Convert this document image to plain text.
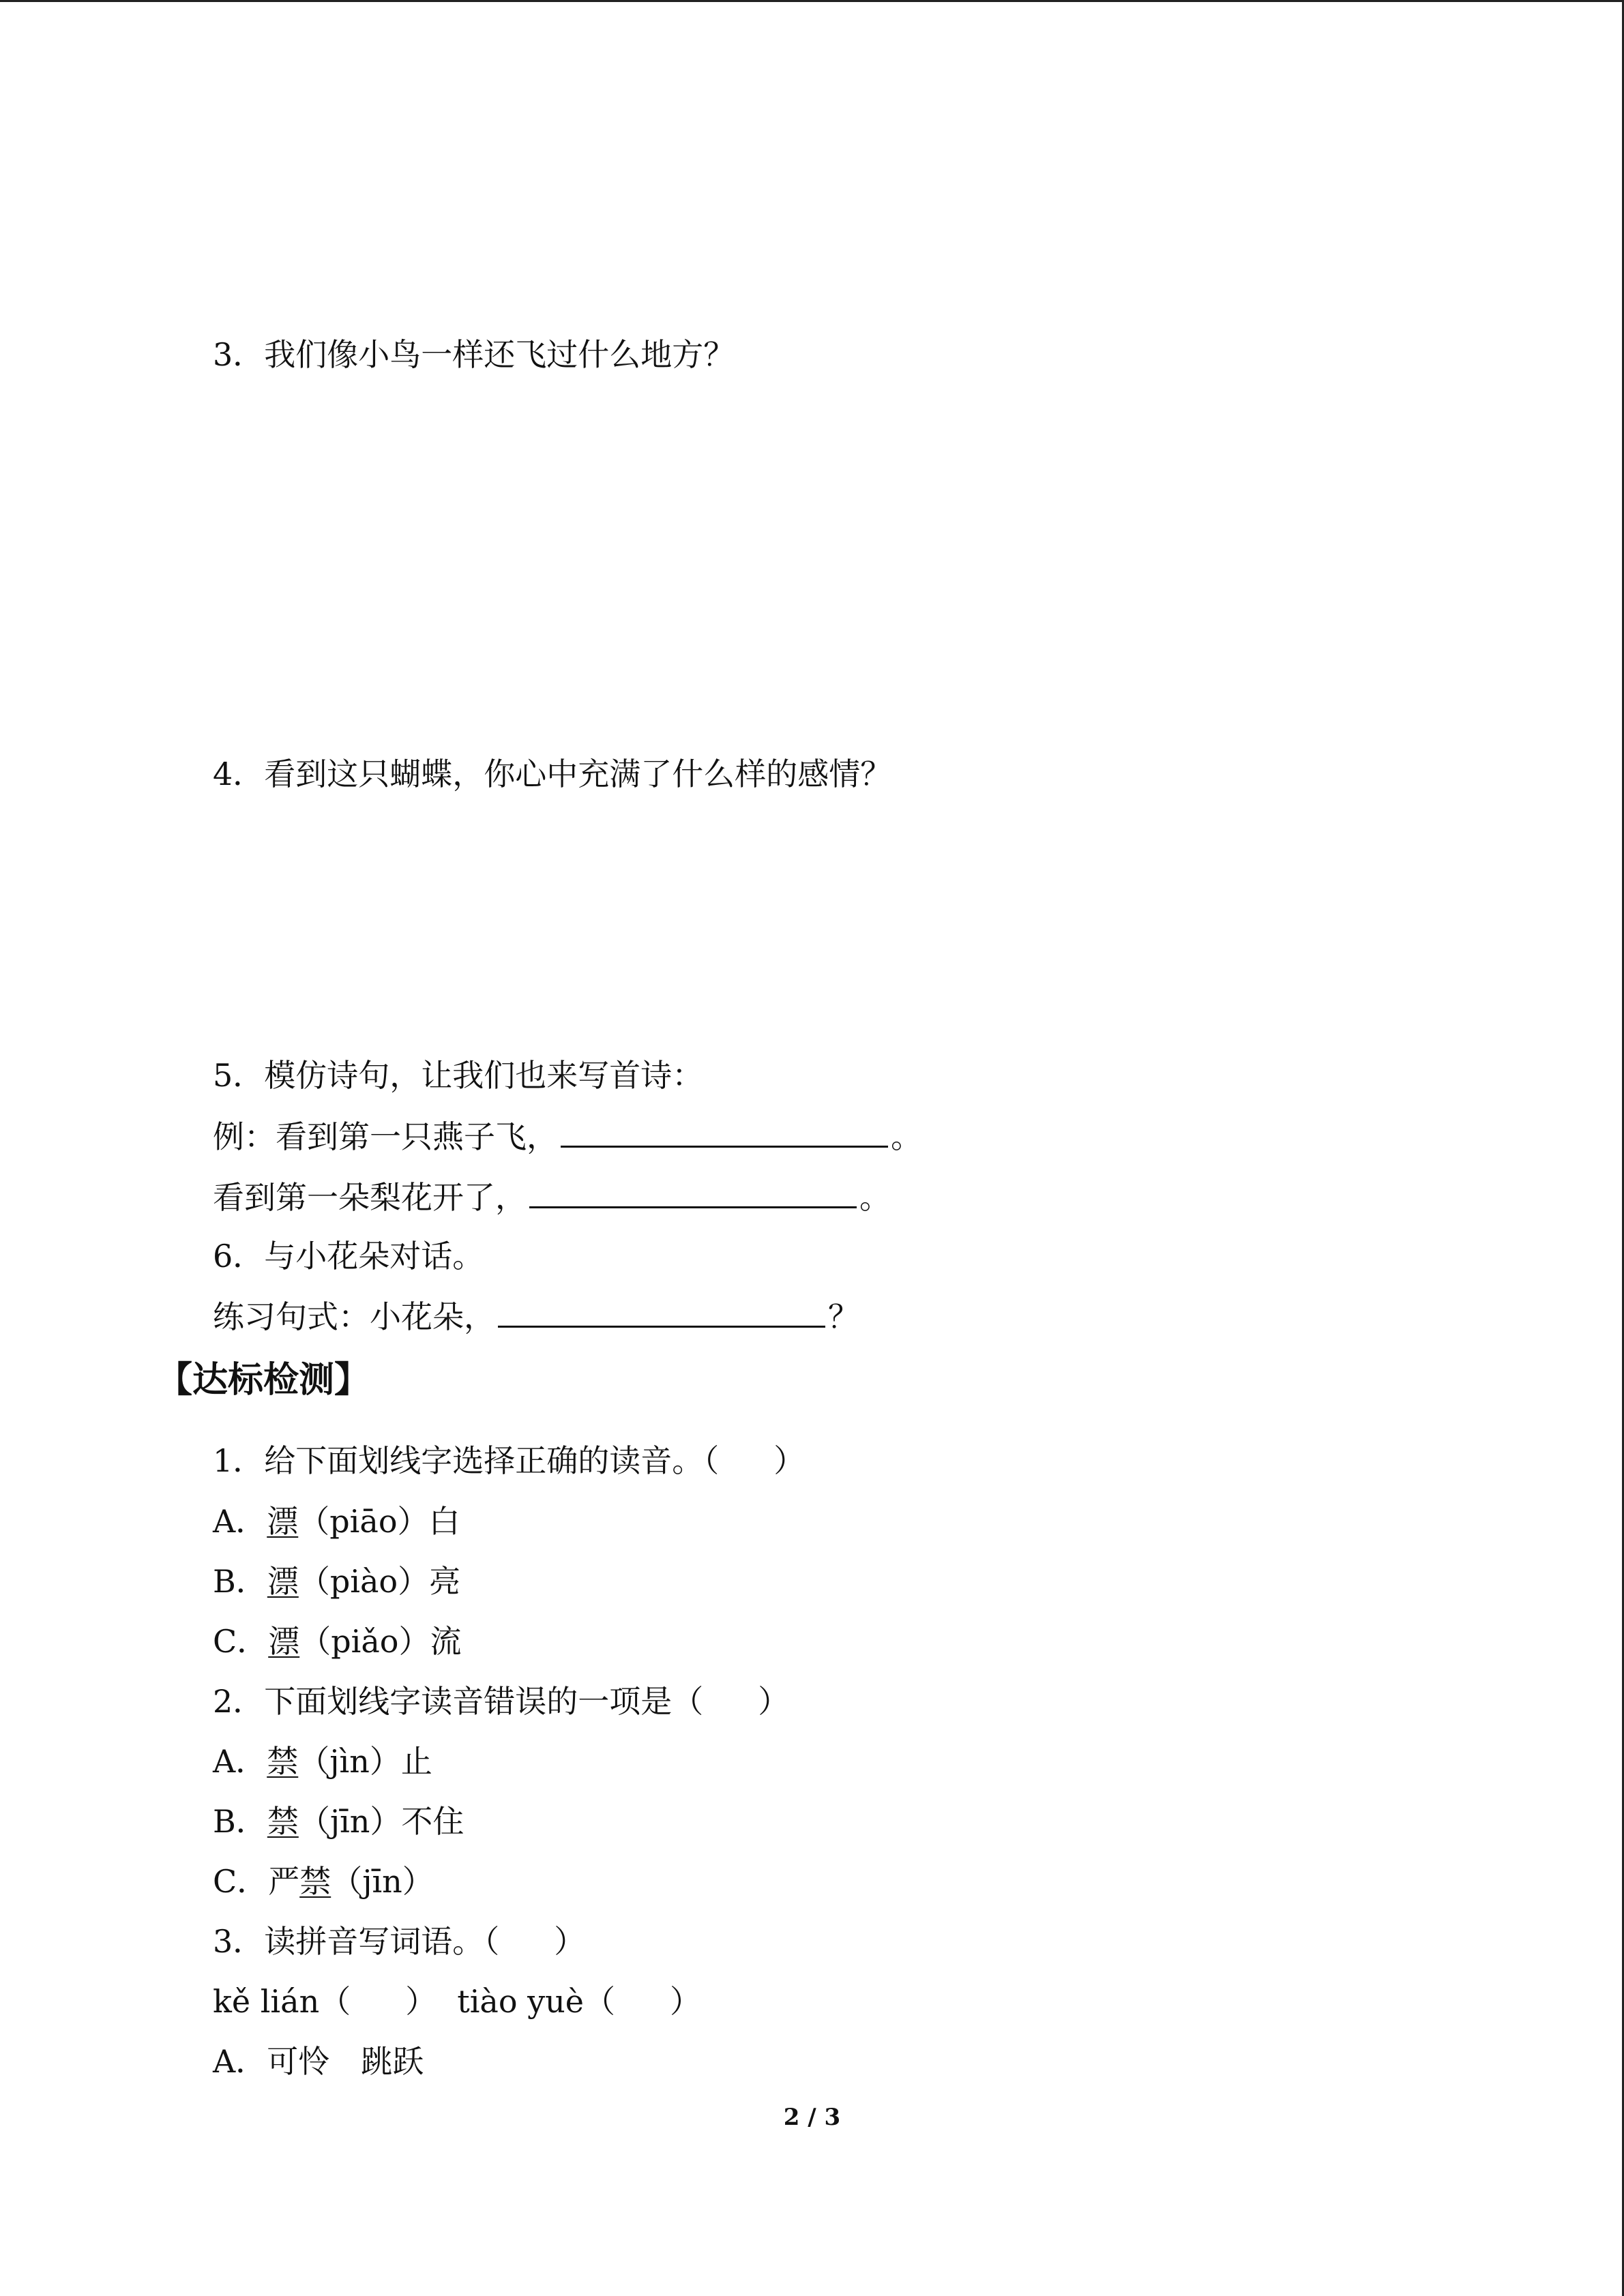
3．我们像小鸟一样还飞过什么地方？
4．看到这只蝴蝶，你心中充满了什么样的感情？
5．模仿诗句，让我们也来写首诗：
例：看到第一只燕子飞，	。
看到第一朵梨花开了，	。
6．与小花朵对话。
练习句式：小花朵，	？
【达标检测】
1．给下面划线字选择正确的读音。（ ）
A．漂（piāo）白
B．漂（piào）亮
C．漂（piǎo）流
2．下面划线字读音错误的一项是（ ）
A．禁（jìn）止
B．禁（jīn）不住
C．严禁（jīn）
3．读拼音写词语。（ ）
kě lián（ ） tiào yuè（ ）
A．可怜　跳跃
2 / 3
